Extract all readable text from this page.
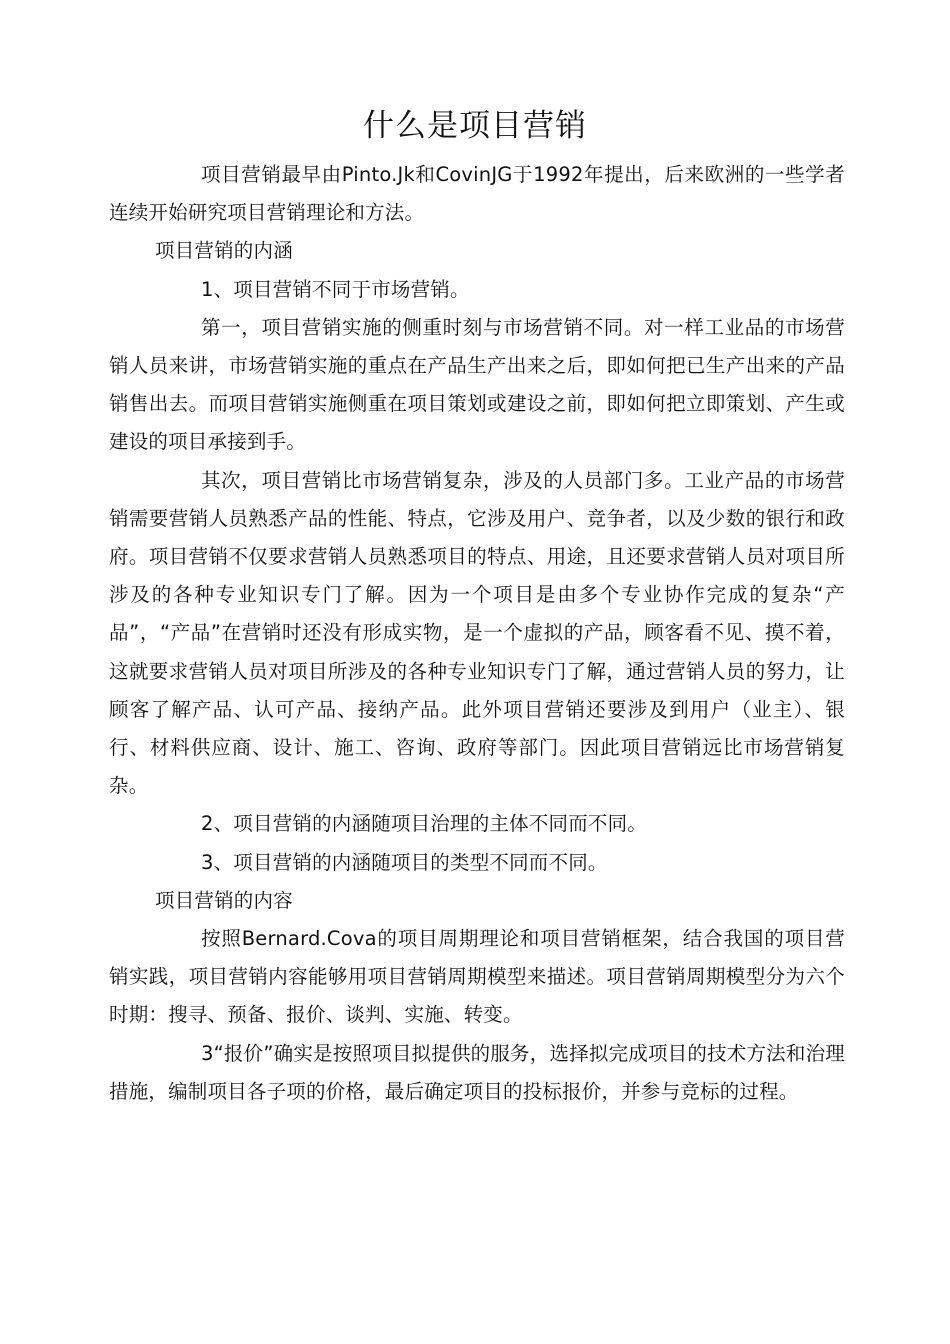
什么是项目营销

项目营销最早由Pinto.Jk和CovinJG于1992年提出，后来欧洲的一些学者连续开始研究项目营销理论和方法。

项目营销的内涵

1、项目营销不同于市场营销。

第一，项目营销实施的侧重时刻与市场营销不同。对一样工业品的市场营销人员来讲，市场营销实施的重点在产品生产出来之后，即如何把已生产出来的产品销售出去。而项目营销实施侧重在项目策划或建设之前，即如何把立即策划、产生或建设的项目承接到手。

其次，项目营销比市场营销复杂，涉及的人员部门多。工业产品的市场营销需要营销人员熟悉产品的性能、特点，它涉及用户、竞争者，以及少数的银行和政府。项目营销不仅要求营销人员熟悉项目的特点、用途，且还要求营销人员对项目所涉及的各种专业知识专门了解。因为一个项目是由多个专业协作完成的复杂“产品”，“产品”在营销时还没有形成实物，是一个虚拟的产品，顾客看不见、摸不着，这就要求营销人员对项目所涉及的各种专业知识专门了解，通过营销人员的努力，让顾客了解产品、认可产品、接纳产品。此外项目营销还要涉及到用户（业主）、银行、材料供应商、设计、施工、咨询、政府等部门。因此项目营销远比市场营销复杂。

2、项目营销的内涵随项目治理的主体不同而不同。

3、项目营销的内涵随项目的类型不同而不同。

项目营销的内容

按照Bernard.Cova的项目周期理论和项目营销框架，结合我国的项目营销实践，项目营销内容能够用项目营销周期模型来描述。项目营销周期模型分为六个时期：搜寻、预备、报价、谈判、实施、转变。

3“报价”确实是按照项目拟提供的服务，选择拟完成项目的技术方法和治理措施，编制项目各子项的价格，最后确定项目的投标报价，并参与竞标的过程。
